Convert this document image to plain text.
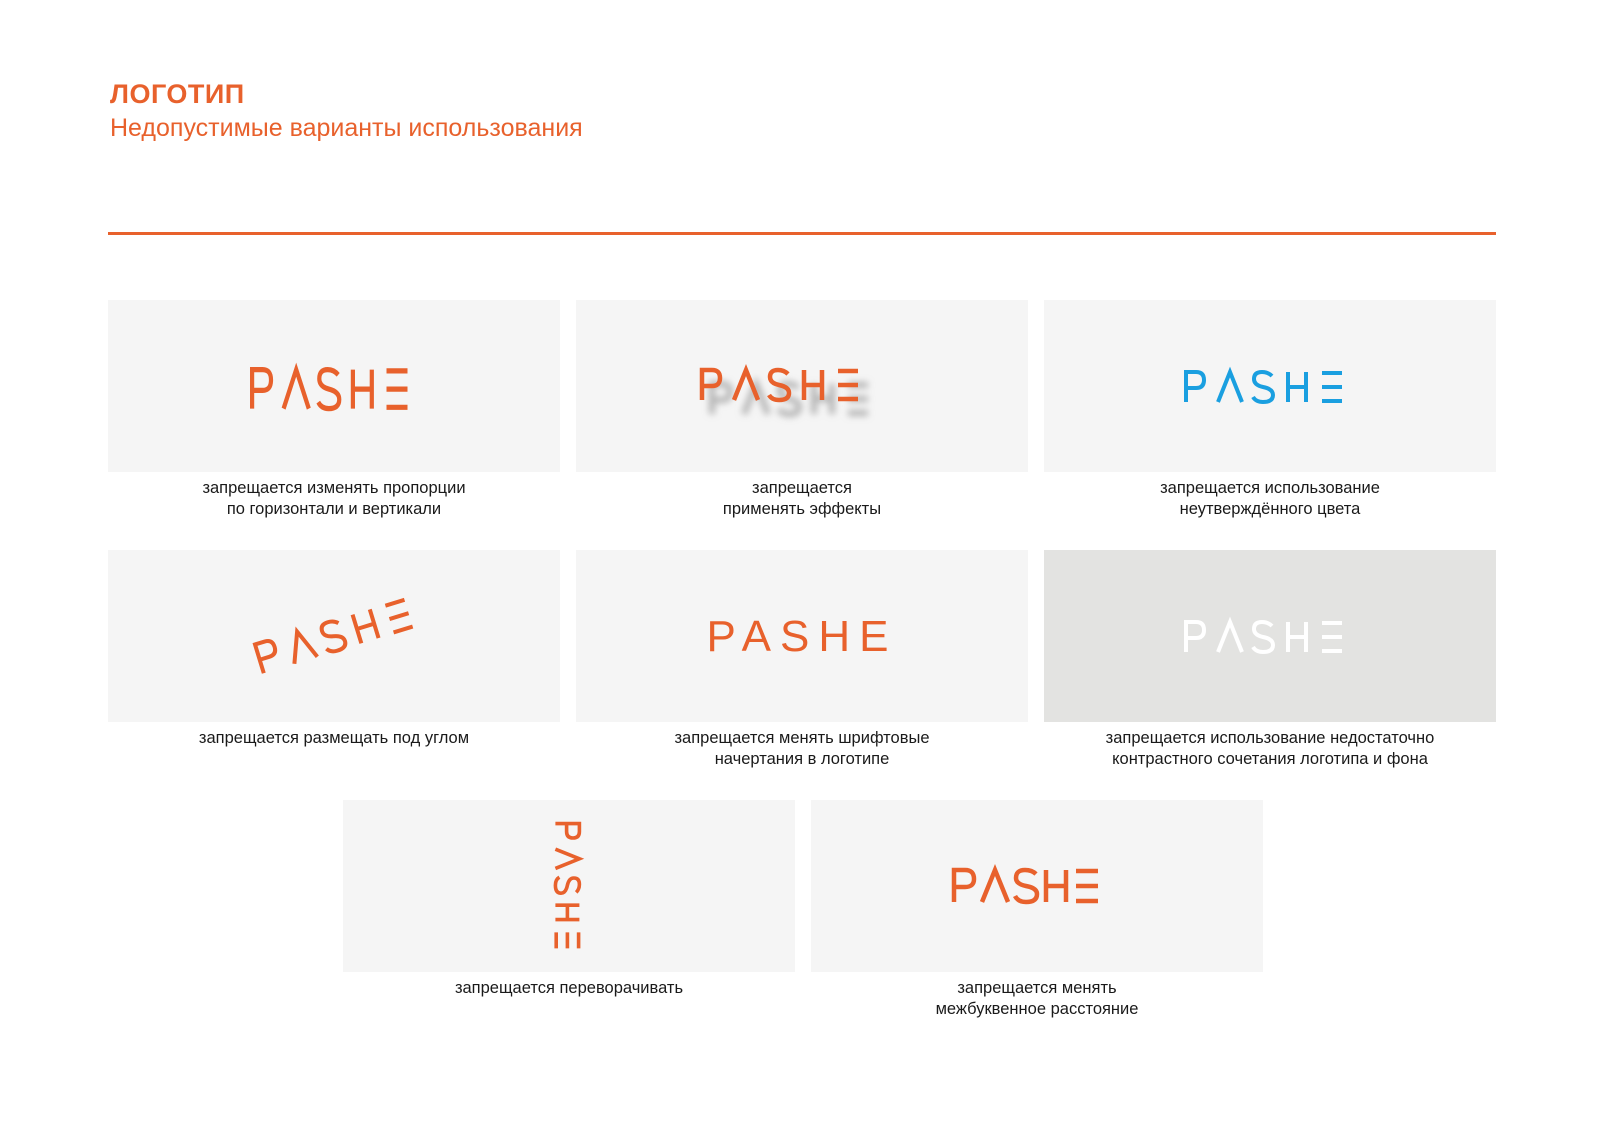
ЛОГОТИП
Недопустимые варианты использования
запрещается изменять пропорции
по горизонтали и вертикали
запрещается
применять эффекты
запрещается использование
неутверждённого цвета
запрещается размещать под углом
PASHE
запрещается менять шрифтовые
начертания в логотипе
запрещается использование недостаточно
контрастного сочетания логотипа и фона
запрещается переворачивать	запрещается менять
межбуквенное расстояние
